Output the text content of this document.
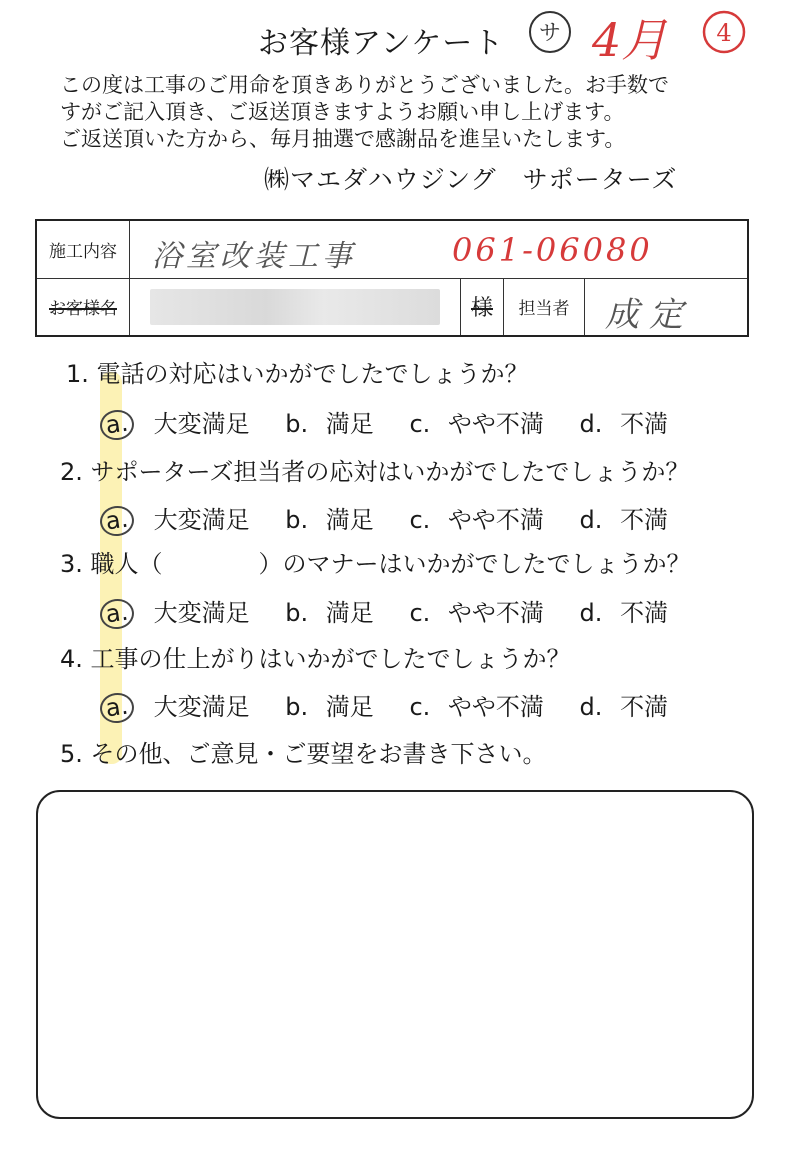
お客様アンケート サ 4月 4
この度は工事のご用命を頂きありがとうございました。お手数で
すがご記入頂き、ご返送頂きますようお願い申し上げます。
ご返送頂いた方から、毎月抽選で感謝品を進呈いたします。
㈱マエダハウジング　サポーターズ
施工内容	浴室改装工事 061-06080			

お客様名		様	担当者	成定
1. 電話の対応はいかがでしたでしょうか？
a. 大変満足 b. 満足 c. やや不満 d. 不満
2. サポーターズ担当者の応対はいかがでしたでしょうか？
a. 大変満足 b. 満足 c. やや不満 d. 不満
3. 職人（　　　　）のマナーはいかがでしたでしょうか？
a. 大変満足 b. 満足 c. やや不満 d. 不満
4. 工事の仕上がりはいかがでしたでしょうか？
a. 大変満足 b. 満足 c. やや不満 d. 不満
5. その他、ご意見・ご要望をお書き下さい。
